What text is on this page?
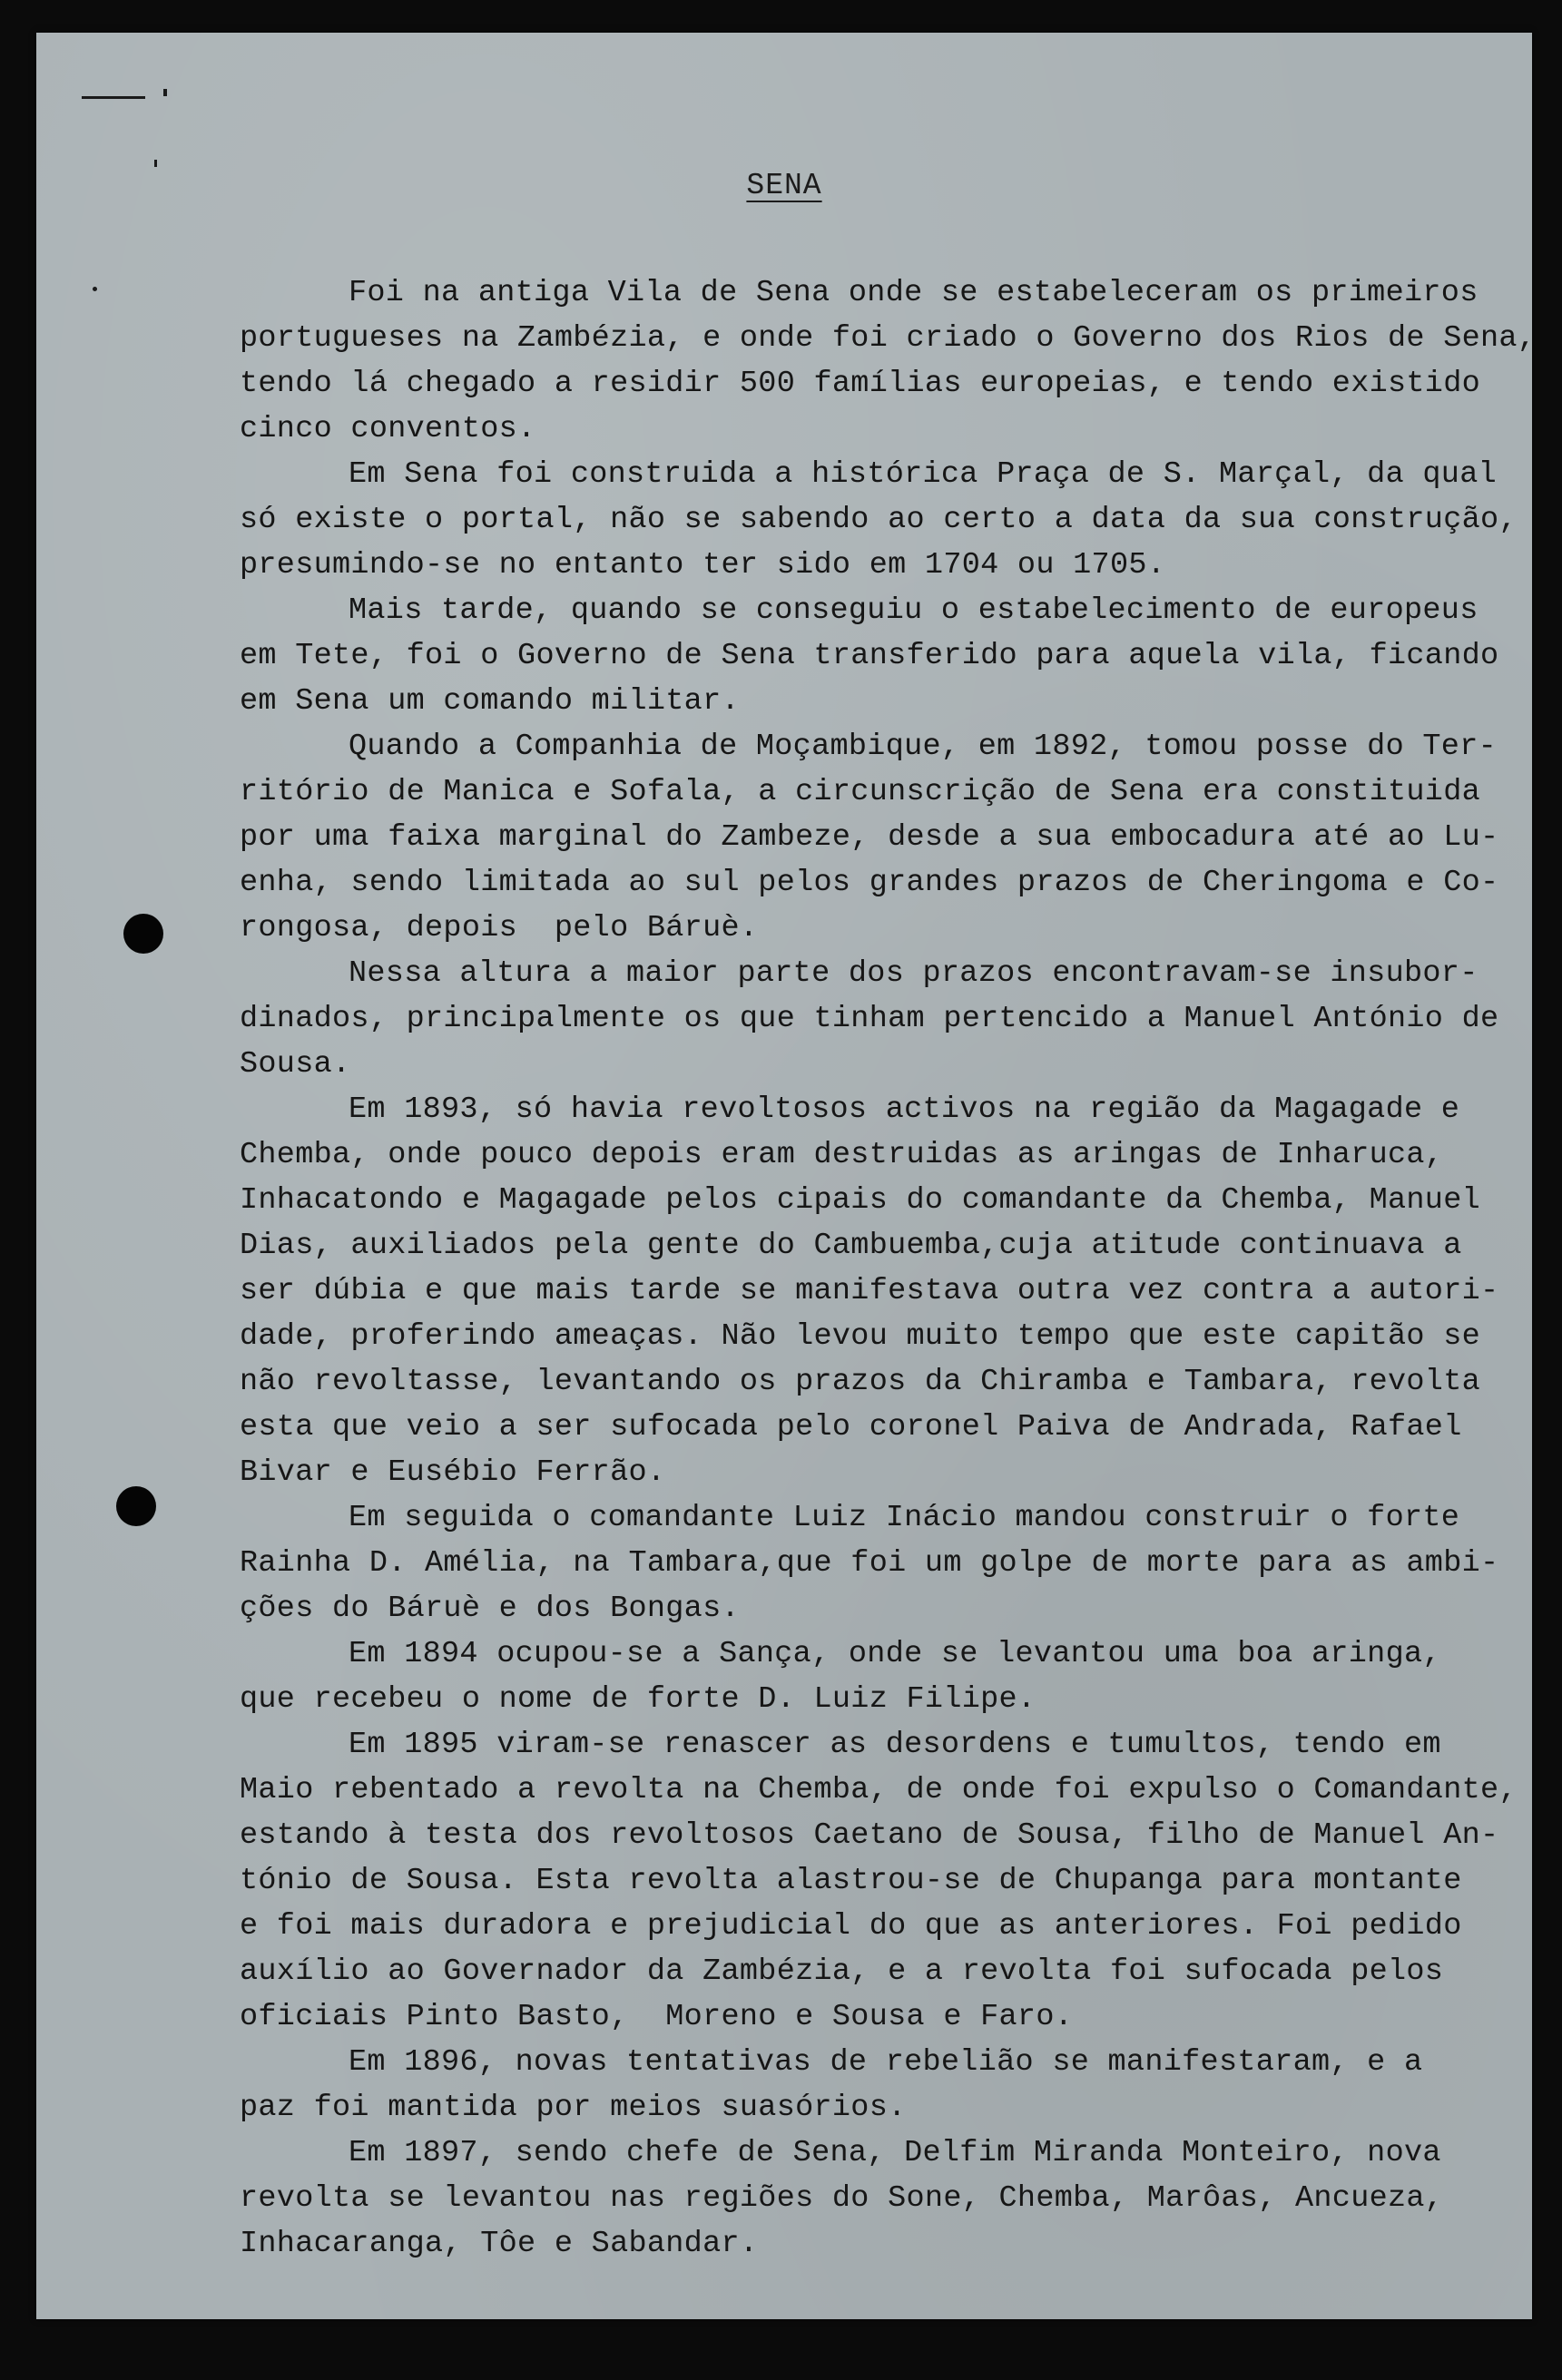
SENA
Foi na antiga Vila de Sena onde se estabeleceram os primeiros
portugueses na Zambézia, e onde foi criado o Governo dos Rios de Sena,
tendo lá chegado a residir 500 famílias europeias, e tendo existido
cinco conventos.
Em Sena foi construida a histórica Praça de S. Marçal, da qual
só existe o portal, não se sabendo ao certo a data da sua construção,
presumindo-se no entanto ter sido em 1704 ou 1705.
Mais tarde, quando se conseguiu o estabelecimento de europeus
em Tete, foi o Governo de Sena transferido para aquela vila, ficando
em Sena um comando militar.
Quando a Companhia de Moçambique, em 1892, tomou posse do Ter-
ritório de Manica e Sofala, a circunscrição de Sena era constituida
por uma faixa marginal do Zambeze, desde a sua embocadura até ao Lu-
enha, sendo limitada ao sul pelos grandes prazos de Cheringoma e Co-
rongosa, depois  pelo Báruè.
Nessa altura a maior parte dos prazos encontravam-se insubor-
dinados, principalmente os que tinham pertencido a Manuel António de
Sousa.
Em 1893, só havia revoltosos activos na região da Magagade e
Chemba, onde pouco depois eram destruidas as aringas de Inharuca,
Inhacatondo e Magagade pelos cipais do comandante da Chemba, Manuel
Dias, auxiliados pela gente do Cambuemba,cuja atitude continuava a
ser dúbia e que mais tarde se manifestava outra vez contra a autori-
dade, proferindo ameaças. Não levou muito tempo que este capitão se
não revoltasse, levantando os prazos da Chiramba e Tambara, revolta
esta que veio a ser sufocada pelo coronel Paiva de Andrada, Rafael
Bivar e Eusébio Ferrão.
Em seguida o comandante Luiz Inácio mandou construir o forte
Rainha D. Amélia, na Tambara,que foi um golpe de morte para as ambi-
ções do Báruè e dos Bongas.
Em 1894 ocupou-se a Sança, onde se levantou uma boa aringa,
que recebeu o nome de forte D. Luiz Filipe.
Em 1895 viram-se renascer as desordens e tumultos, tendo em
Maio rebentado a revolta na Chemba, de onde foi expulso o Comandante,
estando à testa dos revoltosos Caetano de Sousa, filho de Manuel An-
tónio de Sousa. Esta revolta alastrou-se de Chupanga para montante
e foi mais duradora e prejudicial do que as anteriores. Foi pedido
auxílio ao Governador da Zambézia, e a revolta foi sufocada pelos
oficiais Pinto Basto,  Moreno e Sousa e Faro.
Em 1896, novas tentativas de rebelião se manifestaram, e a
paz foi mantida por meios suasórios.
Em 1897, sendo chefe de Sena, Delfim Miranda Monteiro, nova
revolta se levantou nas regiões do Sone, Chemba, Marôas, Ancueza,
Inhacaranga, Tôe e Sabandar.
